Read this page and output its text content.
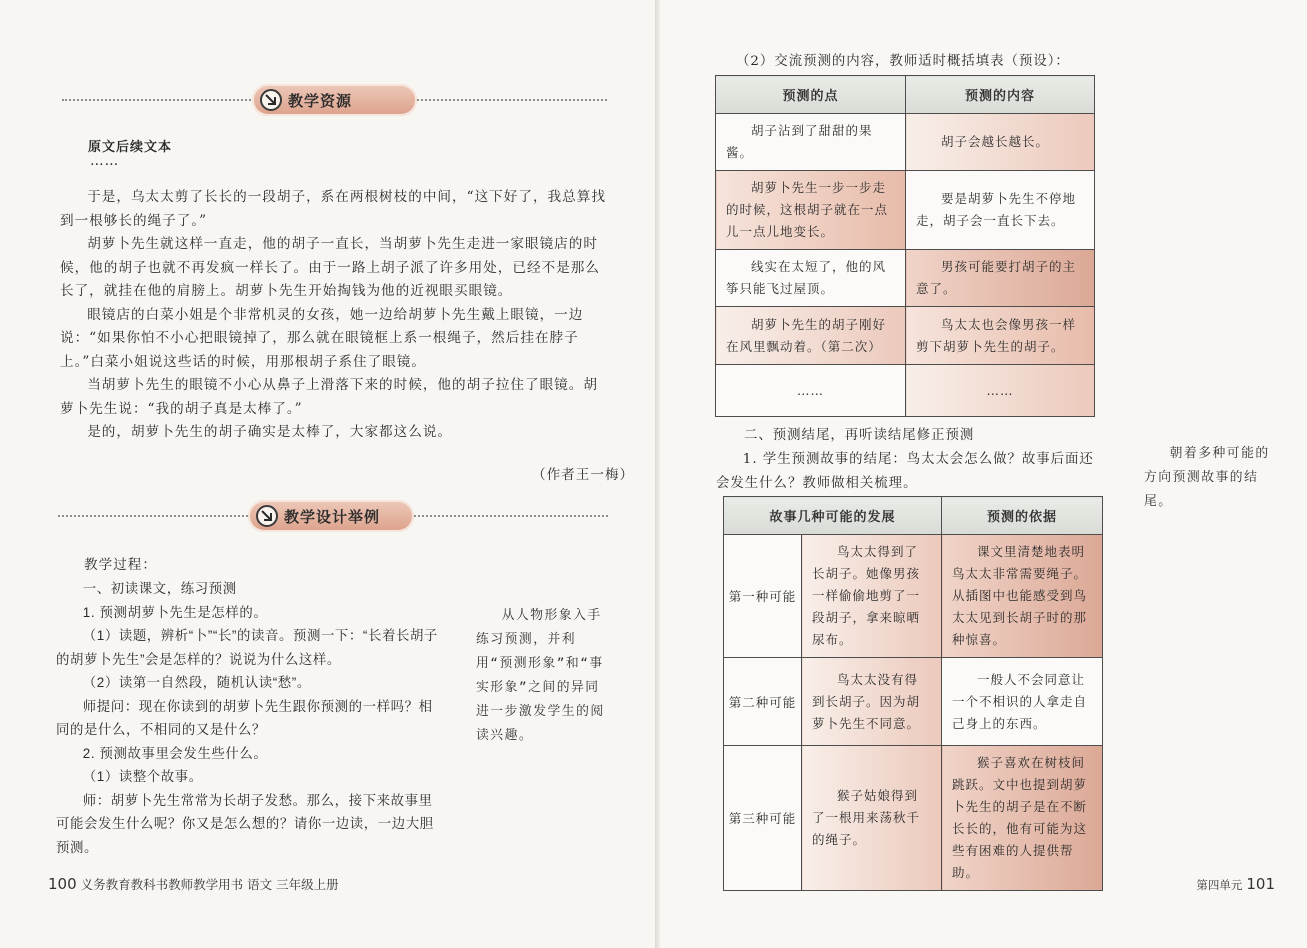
教学资源
原文后续文本
……

于是，乌太太剪了长长的一段胡子，系在两根树枝的中间，“这下好了，我总算找到一根够长的绳子了。”

胡萝卜先生就这样一直走，他的胡子一直长，当胡萝卜先生走进一家眼镜店的时候，他的胡子也就不再发疯一样长了。由于一路上胡子派了许多用处，已经不是那么长了，就挂在他的肩膀上。胡萝卜先生开始掏钱为他的近视眼买眼镜。

眼镜店的白菜小姐是个非常机灵的女孩，她一边给胡萝卜先生戴上眼镜，一边说：“如果你怕不小心把眼镜掉了，那么就在眼镜框上系一根绳子，然后挂在脖子上。”白菜小姐说这些话的时候，用那根胡子系住了眼镜。

当胡萝卜先生的眼镜不小心从鼻子上滑落下来的时候，他的胡子拉住了眼镜。胡萝卜先生说：“我的胡子真是太棒了。”

是的，胡萝卜先生的胡子确实是太棒了，大家都这么说。

（作者王一梅）
教学设计举例
教学过程：

一、初读课文，练习预测

1. 预测胡萝卜先生是怎样的。

（1）读题，辨析“卜”“长”的读音。预测一下：“长着长胡子的胡萝卜先生”会是怎样的？说说为什么这样。

（2）读第一自然段，随机认读“愁”。

师提问：现在你读到的胡萝卜先生跟你预测的一样吗？相同的是什么，不相同的又是什么？

2. 预测故事里会发生些什么。

（1）读整个故事。

师：胡萝卜先生常常为长胡子发愁。那么，接下来故事里可能会发生什么呢？你又是怎么想的？请你一边读，一边大胆预测。

从人物形象入手练习预测，并利用“预测形象”和“事实形象”之间的异同进一步激发学生的阅读兴趣。
100 义务教育教科书教师教学用书 语文 三年级上册
（2）交流预测的内容，教师适时概括填表（预设）：
预测的点	预测的内容

胡子沾到了甜甜的果酱。	胡子会越长越长。

胡萝卜先生一步一步走的时候，这根胡子就在一点儿一点儿地变长。	要是胡萝卜先生不停地走，胡子会一直长下去。

线实在太短了，他的风筝只能飞过屋顶。	男孩可能要打胡子的主意了。

胡萝卜先生的胡子刚好在风里飘动着。（第二次）	鸟太太也会像男孩一样剪下胡萝卜先生的胡子。

……	……
二、预测结尾，再听读结尾修正预测
1. 学生预测故事的结尾：鸟太太会怎么做？故事后面还会发生什么？教师做相关梳理。
朝着多种可能的方向预测故事的结尾。
故事几种可能的发展		预测的依据
第一种可能	鸟太太得到了长胡子。她像男孩一样偷偷地剪了一段胡子，拿来晾晒尿布。	课文里清楚地表明鸟太太非常需要绳子。从插图中也能感受到鸟太太见到长胡子时的那种惊喜。

第二种可能	鸟太太没有得到长胡子。因为胡萝卜先生不同意。	一般人不会同意让一个不相识的人拿走自己身上的东西。

第三种可能	猴子姑娘得到了一根用来荡秋千的绳子。	猴子喜欢在树枝间跳跃。文中也提到胡萝卜先生的胡子是在不断长长的，他有可能为这些有困难的人提供帮助。
第四单元 101
